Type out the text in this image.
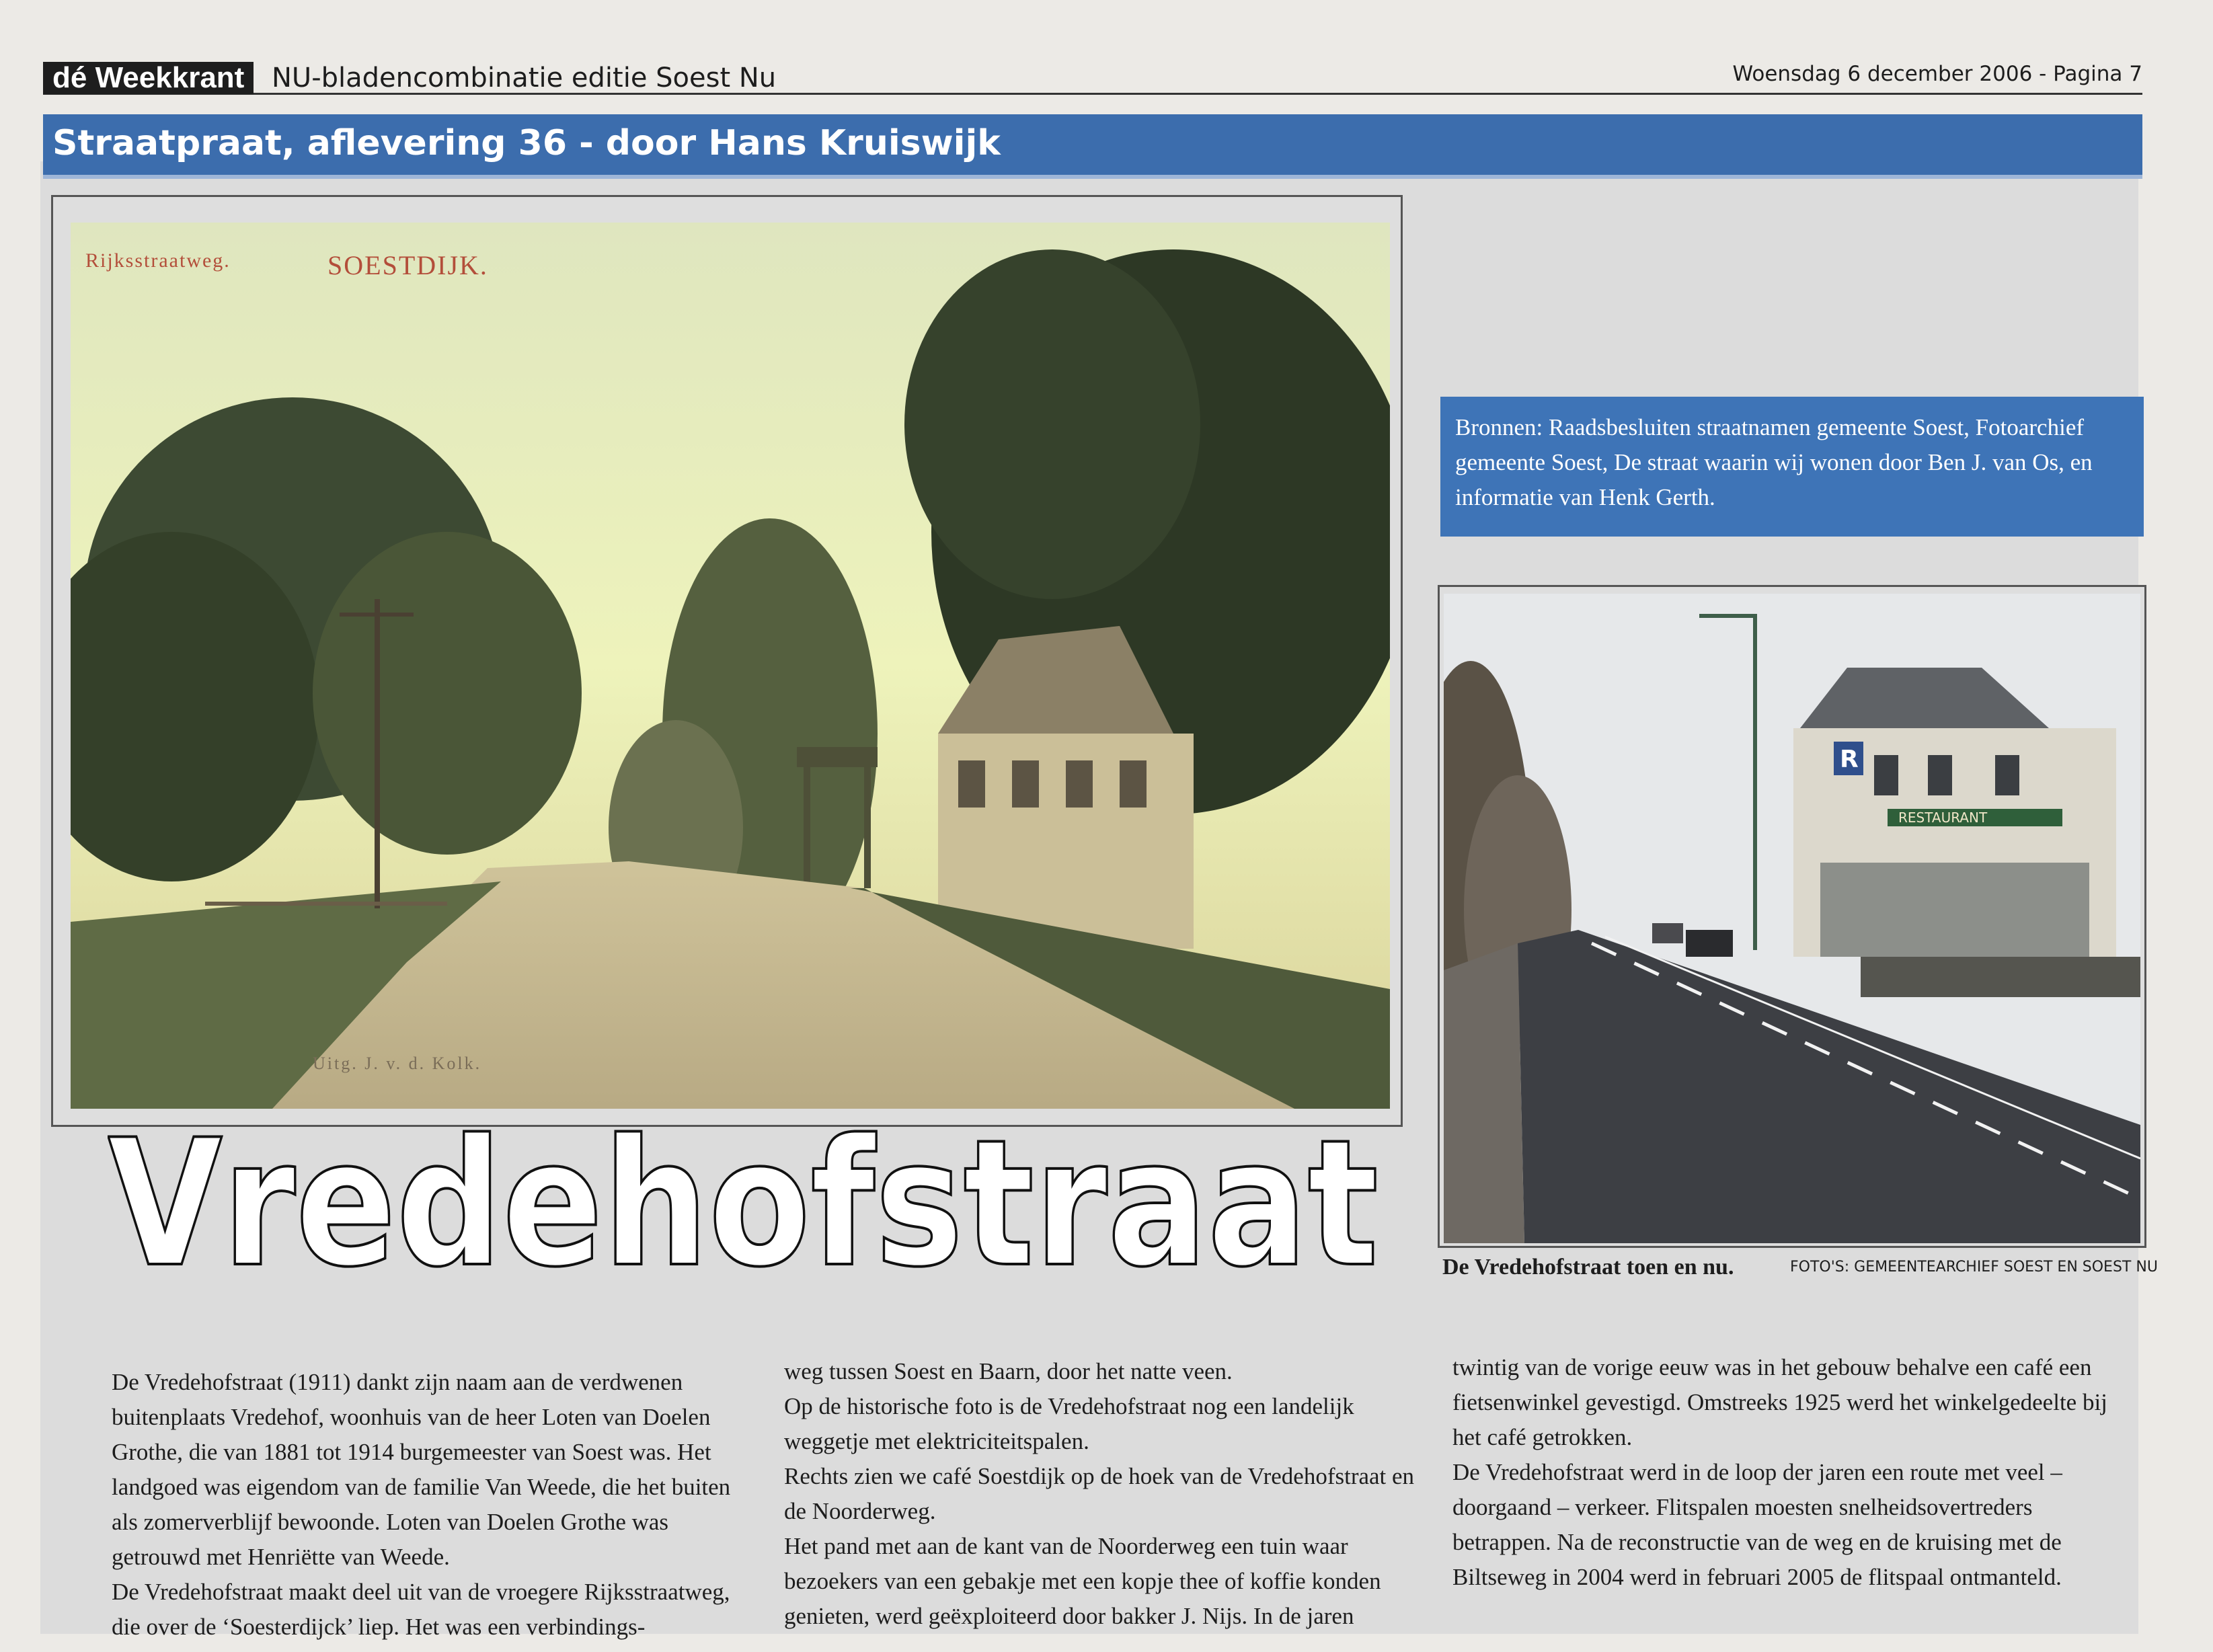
dé Weekkrant	NU-bladencombinatie editie Soest Nu	Woensdag 6 december 2006 - Pagina 7
Straatpraat, aflevering 36 - door Hans Kruiswijk
Rijksstraatweg.	SOESTDIJK.
Uitg. J. v. d. Kolk.
Bronnen: Raadsbesluiten straatnamen gemeente Soest, Fotoarchief gemeente Soest, De straat waarin wij wonen door Ben J. van Os, en informatie van Henk Gerth.
RESTAURANT
R
Vredehofstraat	De Vredehofstraat toen en nu.	FOTO'S: GEMEENTEARCHIEF SOEST EN SOEST NU

De Vredehofstraat (1911) dankt zijn naam aan de verdwenen buitenplaats Vredehof, woonhuis van de heer Loten van Doelen Grothe, die van 1881 tot 1914 burgemeester van Soest was. Het landgoed was eigendom van de familie Van Weede, die het buiten als zomerverblijf bewoonde. Loten van Doelen Grothe was getrouwd met Henriëtte van Weede.

De Vredehofstraat maakt deel uit van de vroegere Rijksstraatweg, die over de ‘Soesterdijck’ liep. Het was een verbindings-

weg tussen Soest en Baarn, door het natte veen.

Op de historische foto is de Vredehofstraat nog een landelijk weggetje met elektriciteitspalen.

Rechts zien we café Soestdijk op de hoek van de Vredehofstraat en de Noorderweg.

Het pand met aan de kant van de Noorderweg een tuin waar bezoekers van een gebakje met een kopje thee of koffie konden genieten, werd geëxploiteerd door bakker J. Nijs. In de jaren

twintig van de vorige eeuw was in het gebouw behalve een café een fietsenwinkel gevestigd. Omstreeks 1925 werd het winkelgedeelte bij het café getrokken.

De Vredehofstraat werd in de loop der jaren een route met veel – doorgaand – verkeer. Flitspalen moesten snelheidsovertreders betrappen. Na de reconstructie van de weg en de kruising met de Biltseweg in 2004 werd in februari 2005 de flitspaal ontmanteld.
